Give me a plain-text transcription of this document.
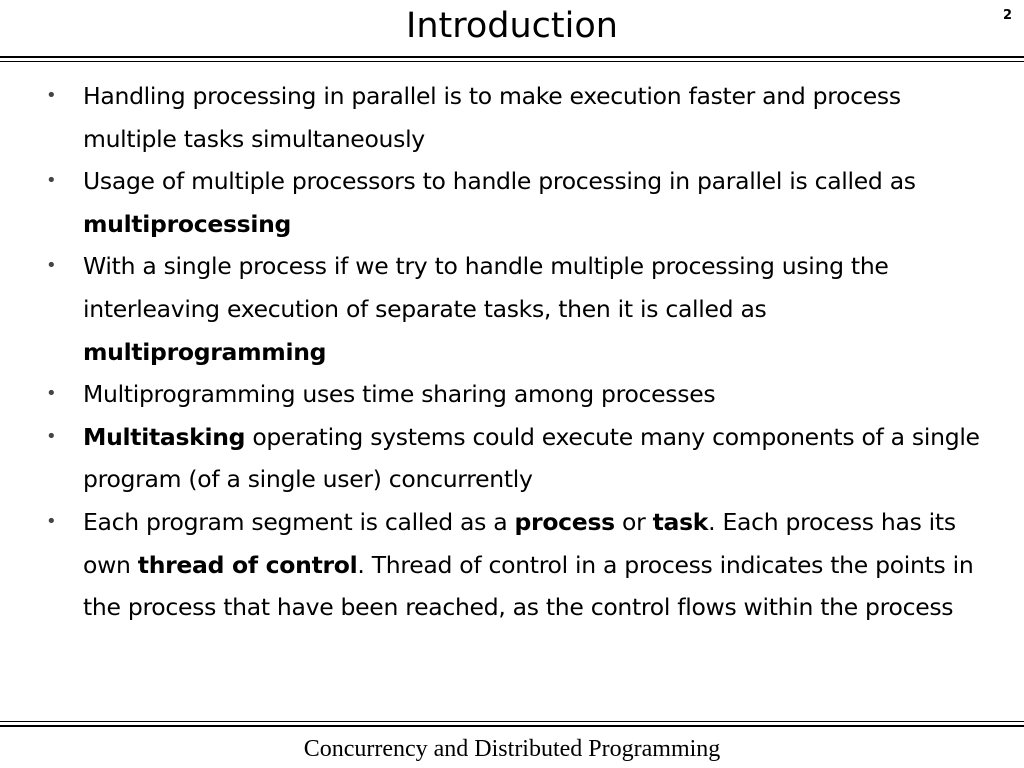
Introduction	2
• Handling processing in parallel is to make execution faster and process multiple tasks simultaneously
• Usage of multiple processors to handle processing in parallel is called as multiprocessing
• With a single process if we try to handle multiple processing using the interleaving execution of separate tasks, then it is called as multiprogramming
• Multiprogramming uses time sharing among processes
• Multitasking operating systems could execute many components of a single program (of a single user) concurrently
• Each program segment is called as a process or task. Each process has its own thread of control. Thread of control in a process indicates the points in the process that have been reached, as the control flows within the process
Concurrency and Distributed Programming
